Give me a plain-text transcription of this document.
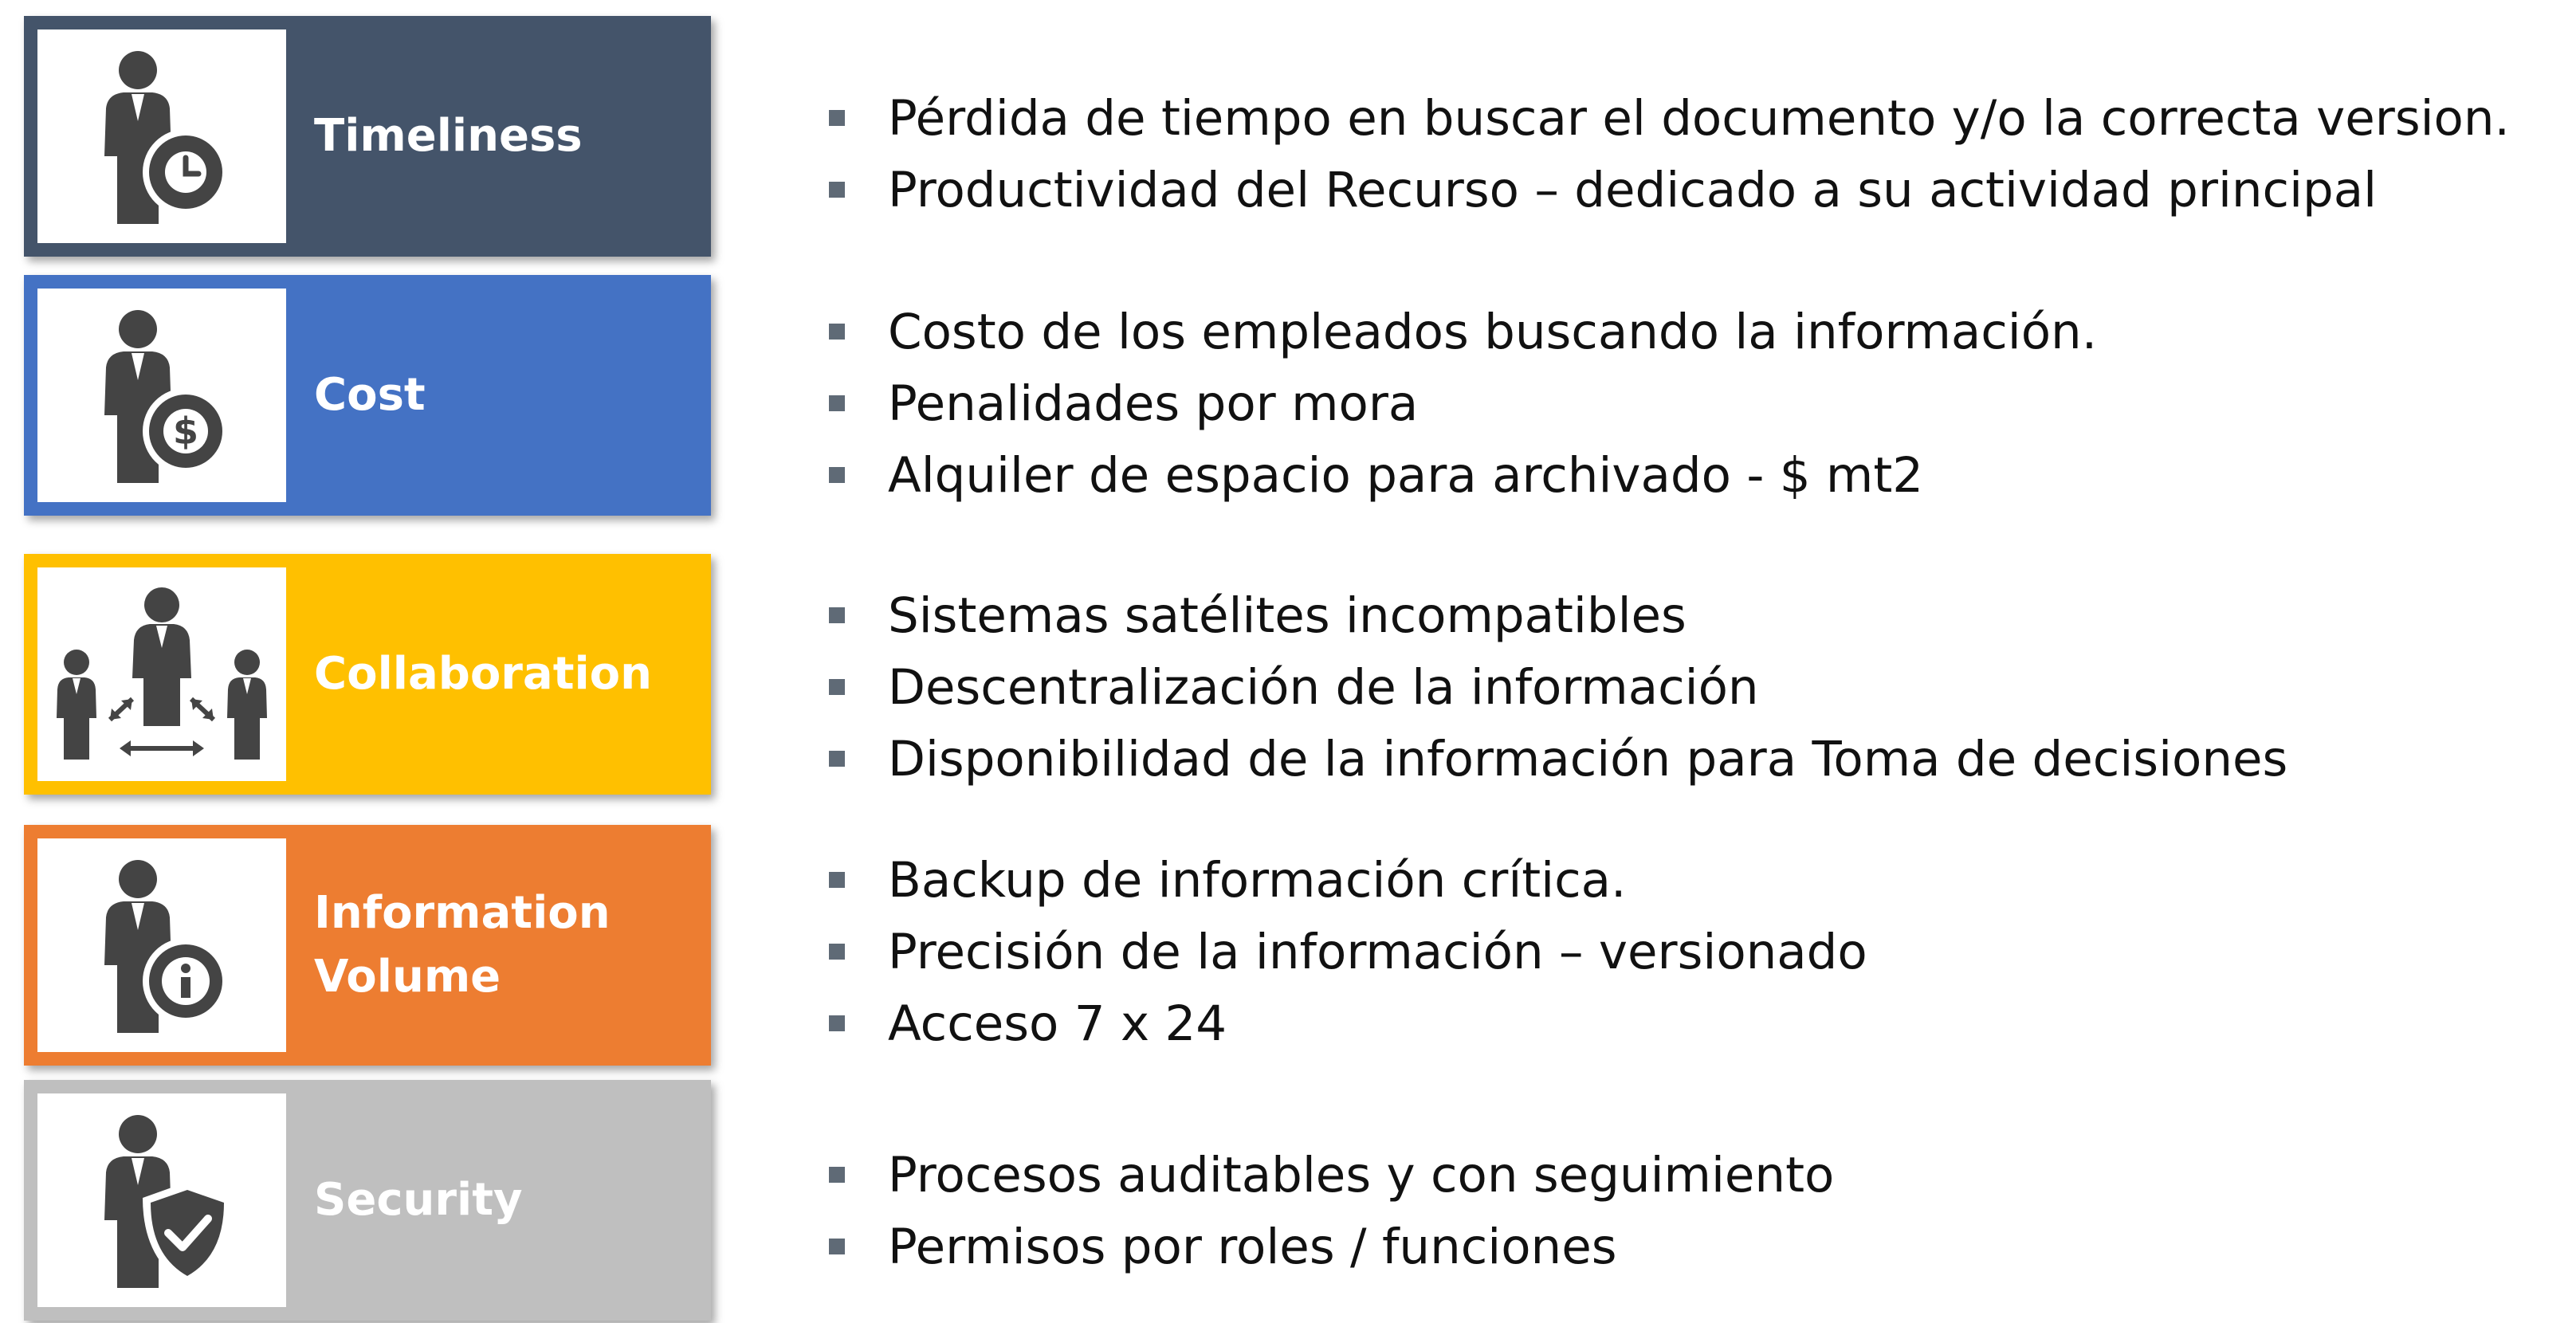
Timeliness	Pérdida de tiempo en buscar el documento y/o la correcta version.
Productividad del Recurso – dedicado a su actividad principal
$
Cost
Costo de los empleados buscando la información.
Penalidades por mora
Alquiler de espacio para archivado - $ mt2
Collaboration
Sistemas satélites incompatibles
Descentralización de la información
Disponibilidad de la información para Toma de decisiones
Information
Volume
Backup de información crítica.
Precisión de la información – versionado
Acceso 7 x 24
Security	Procesos auditables y con seguimiento
Permisos por roles / funciones
